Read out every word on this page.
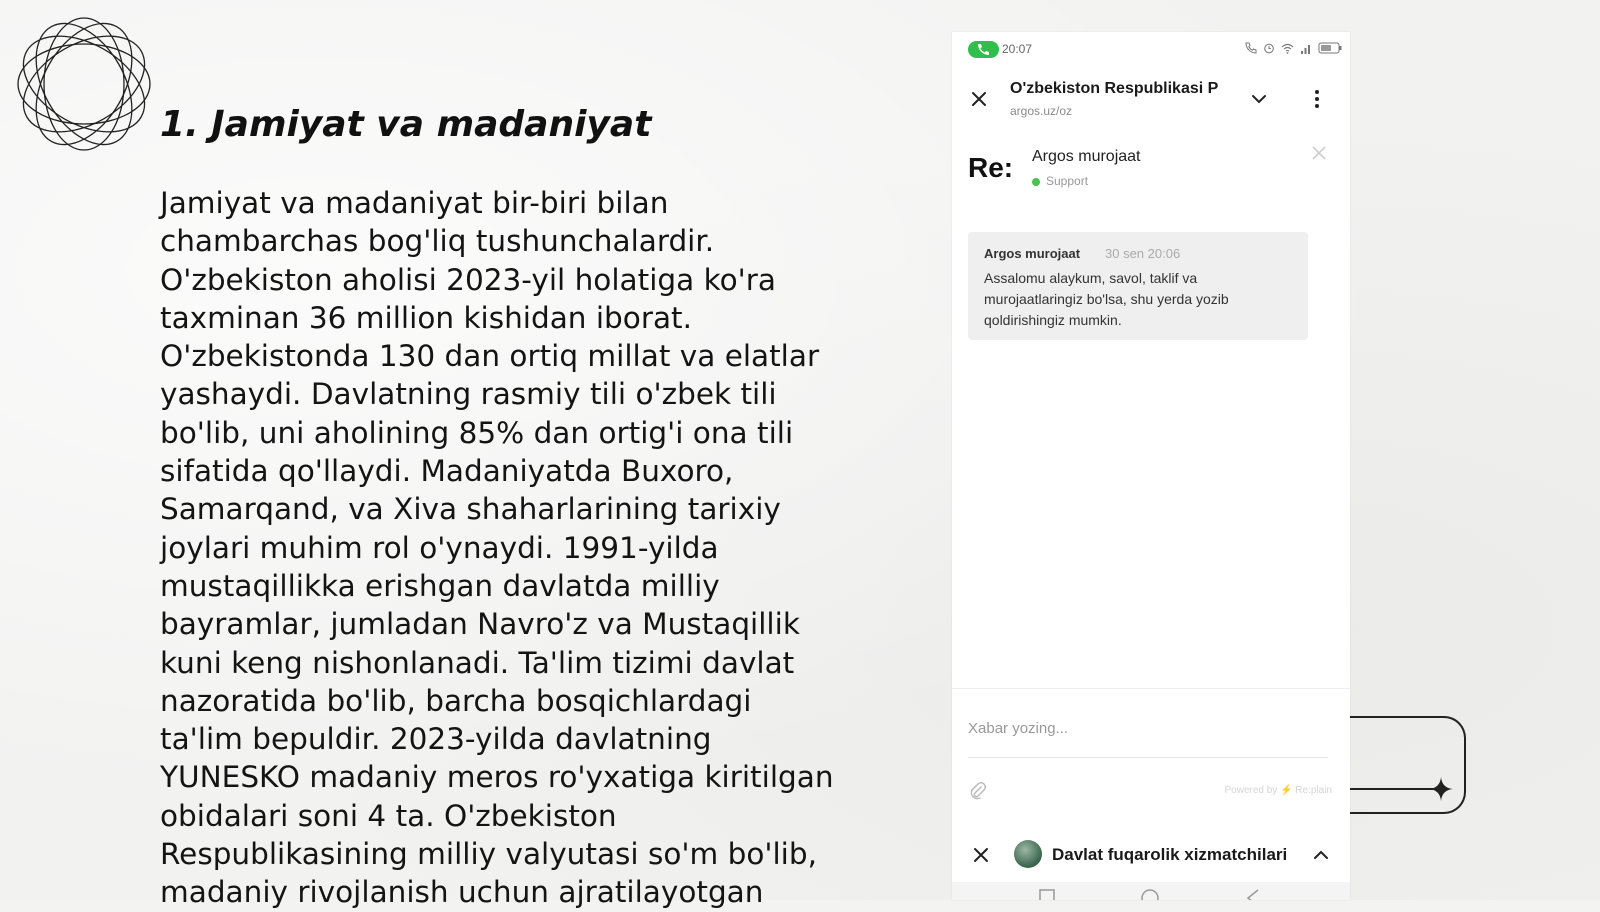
1. Jamiyat va madaniyat

Jamiyat va madaniyat bir-biri bilan chambarchas bog'liq tushunchalardir. O'zbekiston aholisi 2023-yil holatiga ko'ra taxminan 36 million kishidan iborat. O'zbekistonda 130 dan ortiq millat va elatlar yashaydi. Davlatning rasmiy tili o'zbek tili bo'lib, uni aholining 85% dan ortig'i ona tili sifatida qo'llaydi. Madaniyatda Buxoro, Samarqand, va Xiva shaharlarining tarixiy joylari muhim rol o'ynaydi. 1991-yilda mustaqillikka erishgan davlatda milliy bayramlar, jumladan Navro'z va Mustaqillik kuni keng nishonlanadi. Ta'lim tizimi davlat nazoratida bo'lib, barcha bosqichlardagi ta'lim bepuldir. 2023-yilda davlatning YUNESKO madaniy meros ro'yxatiga kiritilgan obidalari soni 4 ta. O'zbekiston Respublikasining milliy valyutasi so'm bo'lib, madaniy rivojlanish uchun ajratilayotgan

20:07
O'zbekiston Respublikasi P
argos.uz/oz
Re: Argos murojaat
Support
Argos murojaat 30 sen 20:06
Assalomu alaykum, savol, taklif va murojaatlaringiz bo'lsa, shu yerda yozib qoldirishingiz mumkin.
Xabar yozing...
Powered by ⚡ Re:plain
Davlat fuqarolik xizmatchilari
